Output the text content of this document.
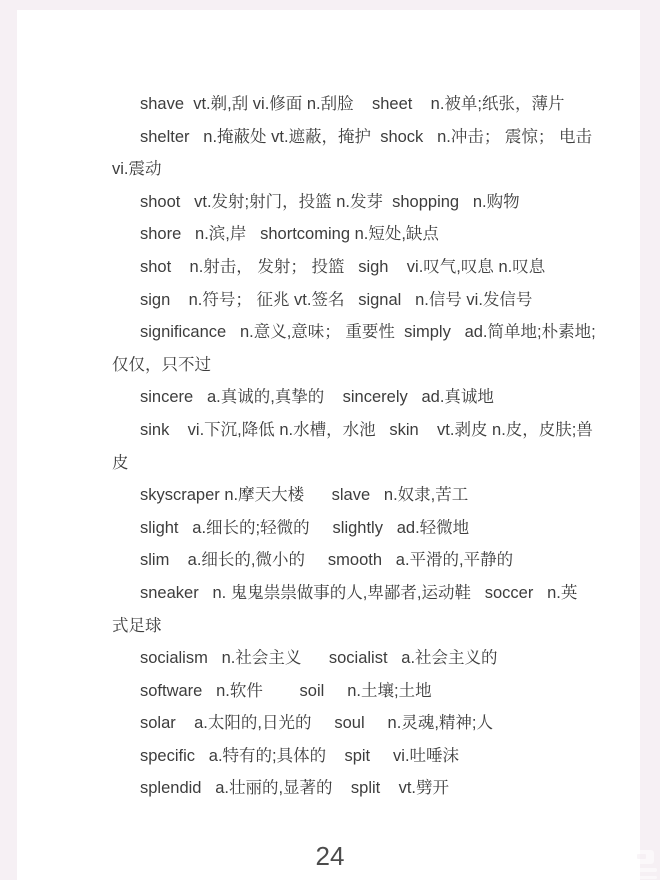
shave  vt.剃,刮 vi.修面 n.刮脸    sheet    n.被单;纸张，薄片
shelter   n.掩蔽处 vt.遮蔽，掩护  shock   n.冲击； 震惊； 电击
vi.震动
shoot   vt.发射;射门，投篮 n.发芽  shopping   n.购物
shore   n.滨,岸   shortcoming n.短处,缺点
shot    n.射击， 发射； 投篮   sigh    vi.叹气,叹息 n.叹息
sign    n.符号； 征兆 vt.签名   signal   n.信号 vi.发信号
significance   n.意义,意味； 重要性  simply   ad.简单地;朴素地;
仅仅，只不过
sincere   a.真诚的,真挚的    sincerely   ad.真诚地
sink    vi.下沉,降低 n.水槽，水池   skin    vt.剥皮 n.皮，皮肤;兽
皮
skyscraper n.摩天大楼      slave   n.奴隶,苦工
slight   a.细长的;轻微的     slightly   ad.轻微地
slim    a.细长的,微小的     smooth   a.平滑的,平静的
sneaker   n. 鬼鬼祟祟做事的人,卑鄙者,运动鞋   soccer   n.英
式足球
socialism   n.社会主义      socialist   a.社会主义的
software   n.软件        soil     n.土壤;土地
solar    a.太阳的,日光的     soul     n.灵魂,精神;人
specific   a.特有的;具体的    spit     vi.吐唾沫
splendid   a.壮丽的,显著的    split    vt.劈开
24
